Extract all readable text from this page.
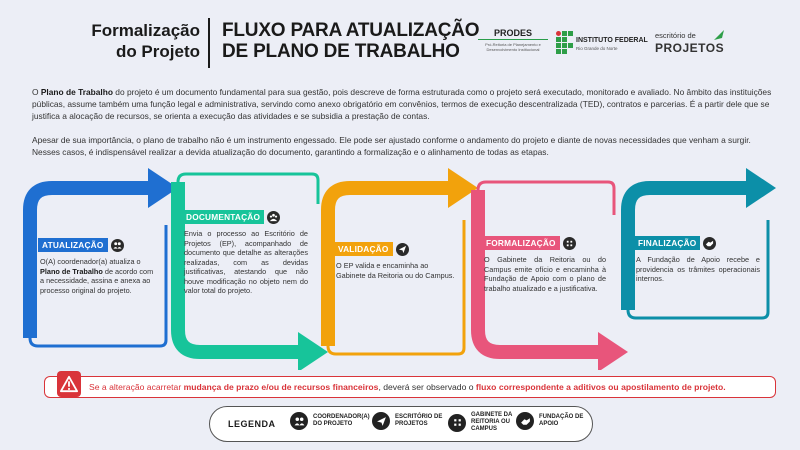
Formalização
do Projeto
FLUXO PARA ATUALIZAÇÃO
DE PLANO DE TRABALHO
PRODES
Pró-Reitoria de Planejamento e Desenvolvimento Institucional
INSTITUTO FEDERAL
Rio Grande do Norte
escritório de
PROJETOS

O Plano de Trabalho do projeto é um documento fundamental para sua gestão, pois descreve de forma estruturada como o projeto será executado, monitorado e avaliado. No âmbito das instituições públicas, assume também uma função legal e administrativa, servindo como anexo obrigatório em convênios, termos de execução descentralizada (TED), contratos e parcerias. É a partir dele que se justifica a alocação de recursos, se orienta a execução das atividades e se subsidia a prestação de contas.

Apesar de sua importância, o plano de trabalho não é um instrumento engessado. Ele pode ser ajustado conforme o andamento do projeto e diante de novas necessidades que venham a surgir. Nesses casos, é indispensável realizar a devida atualização do documento, garantindo a formalização e o alinhamento de todas as etapas.

ATUALIZAÇÃO
O(A) coordenador(a) atualiza o Plano de Trabalho de acordo com a necessidade, assina e anexa ao processo original do projeto.
DOCUMENTAÇÃO
Envia o processo ao Escritório de Projetos (EP), acompanhado de documento que detalhe as alterações realizadas, com as devidas justificativas, atestando que não houve modificação no objeto nem do valor total do projeto.
VALIDAÇÃO
O EP valida e encaminha ao Gabinete da Reitoria ou do Campus.
FORMALIZAÇÃO
O Gabinete da Reitoria ou do Campus emite ofício e encaminha à Fundação de Apoio com o plano de trabalho atualizado e a justificativa.
FINALIZAÇÃO
A Fundação de Apoio recebe e providencia os trâmites operacionais internos.
Se a alteração acarretar mudança de prazo e/ou de recursos financeiros, deverá ser observado o fluxo correspondente a aditivos ou apostilamento de projeto.
LEGENDA
COORDENADOR(A) DO PROJETO
ESCRITÓRIO DE PROJETOS
GABINETE DA REITORIA OU CAMPUS
FUNDAÇÃO DE APOIO
